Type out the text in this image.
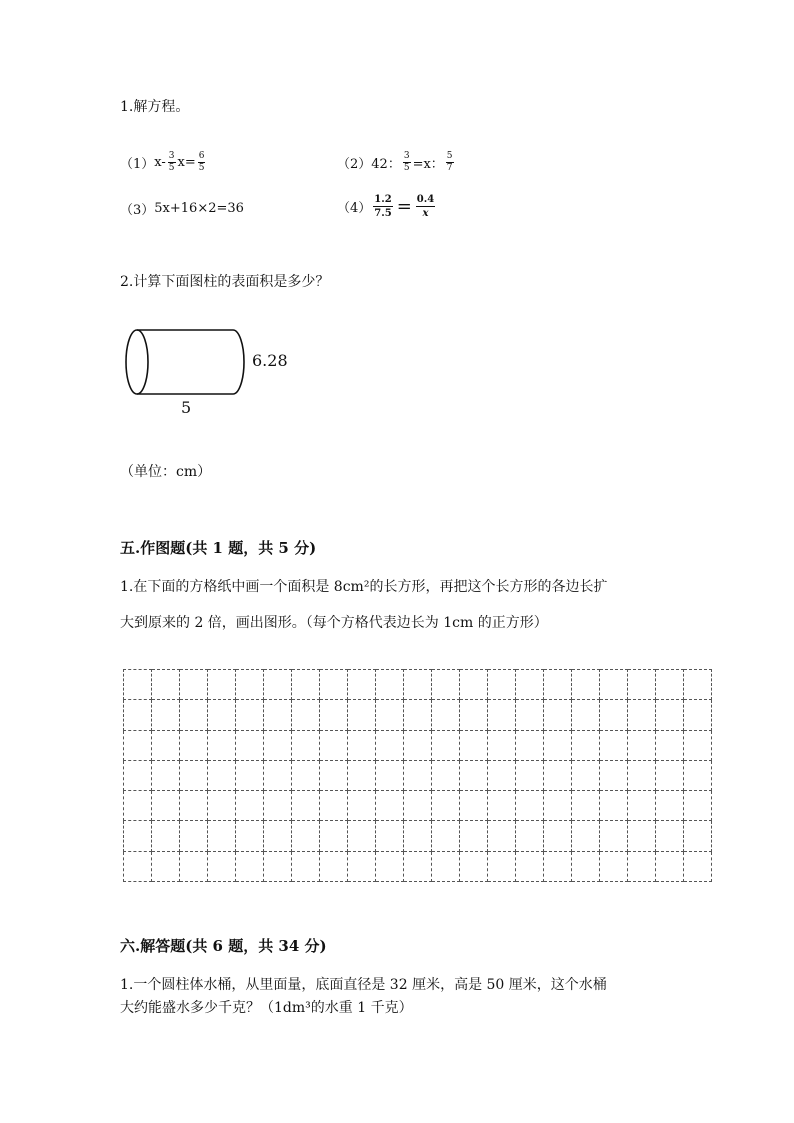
1.解方程。
（1） $x- \frac{3}{5} x= \frac{6}{5}$	（2） 42： $\frac{3}{5} =x$： $\frac{5}{7}$
（3） 5x+16×2=36	$(4) \frac{1.2}{7.5} = \frac{0.4}{x}$
2.计算下面图柱的表面积是多少？
6.28
5
（单位：cm）
五.作图题(共 1 题，共 5 分)
1.在下面的方格纸中画一个面积是 8cm²的长方形，再把这个长方形的各边长扩
大到原来的 2 倍，画出图形。（每个方格代表边长为 1cm 的正方形）

六.解答题(共 6 题，共 34 分)
1.一个圆柱体水桶，从里面量，底面直径是 32 厘米，高是 50 厘米，这个水桶
大约能盛水多少千克？（1dm³的水重 1 千克）
